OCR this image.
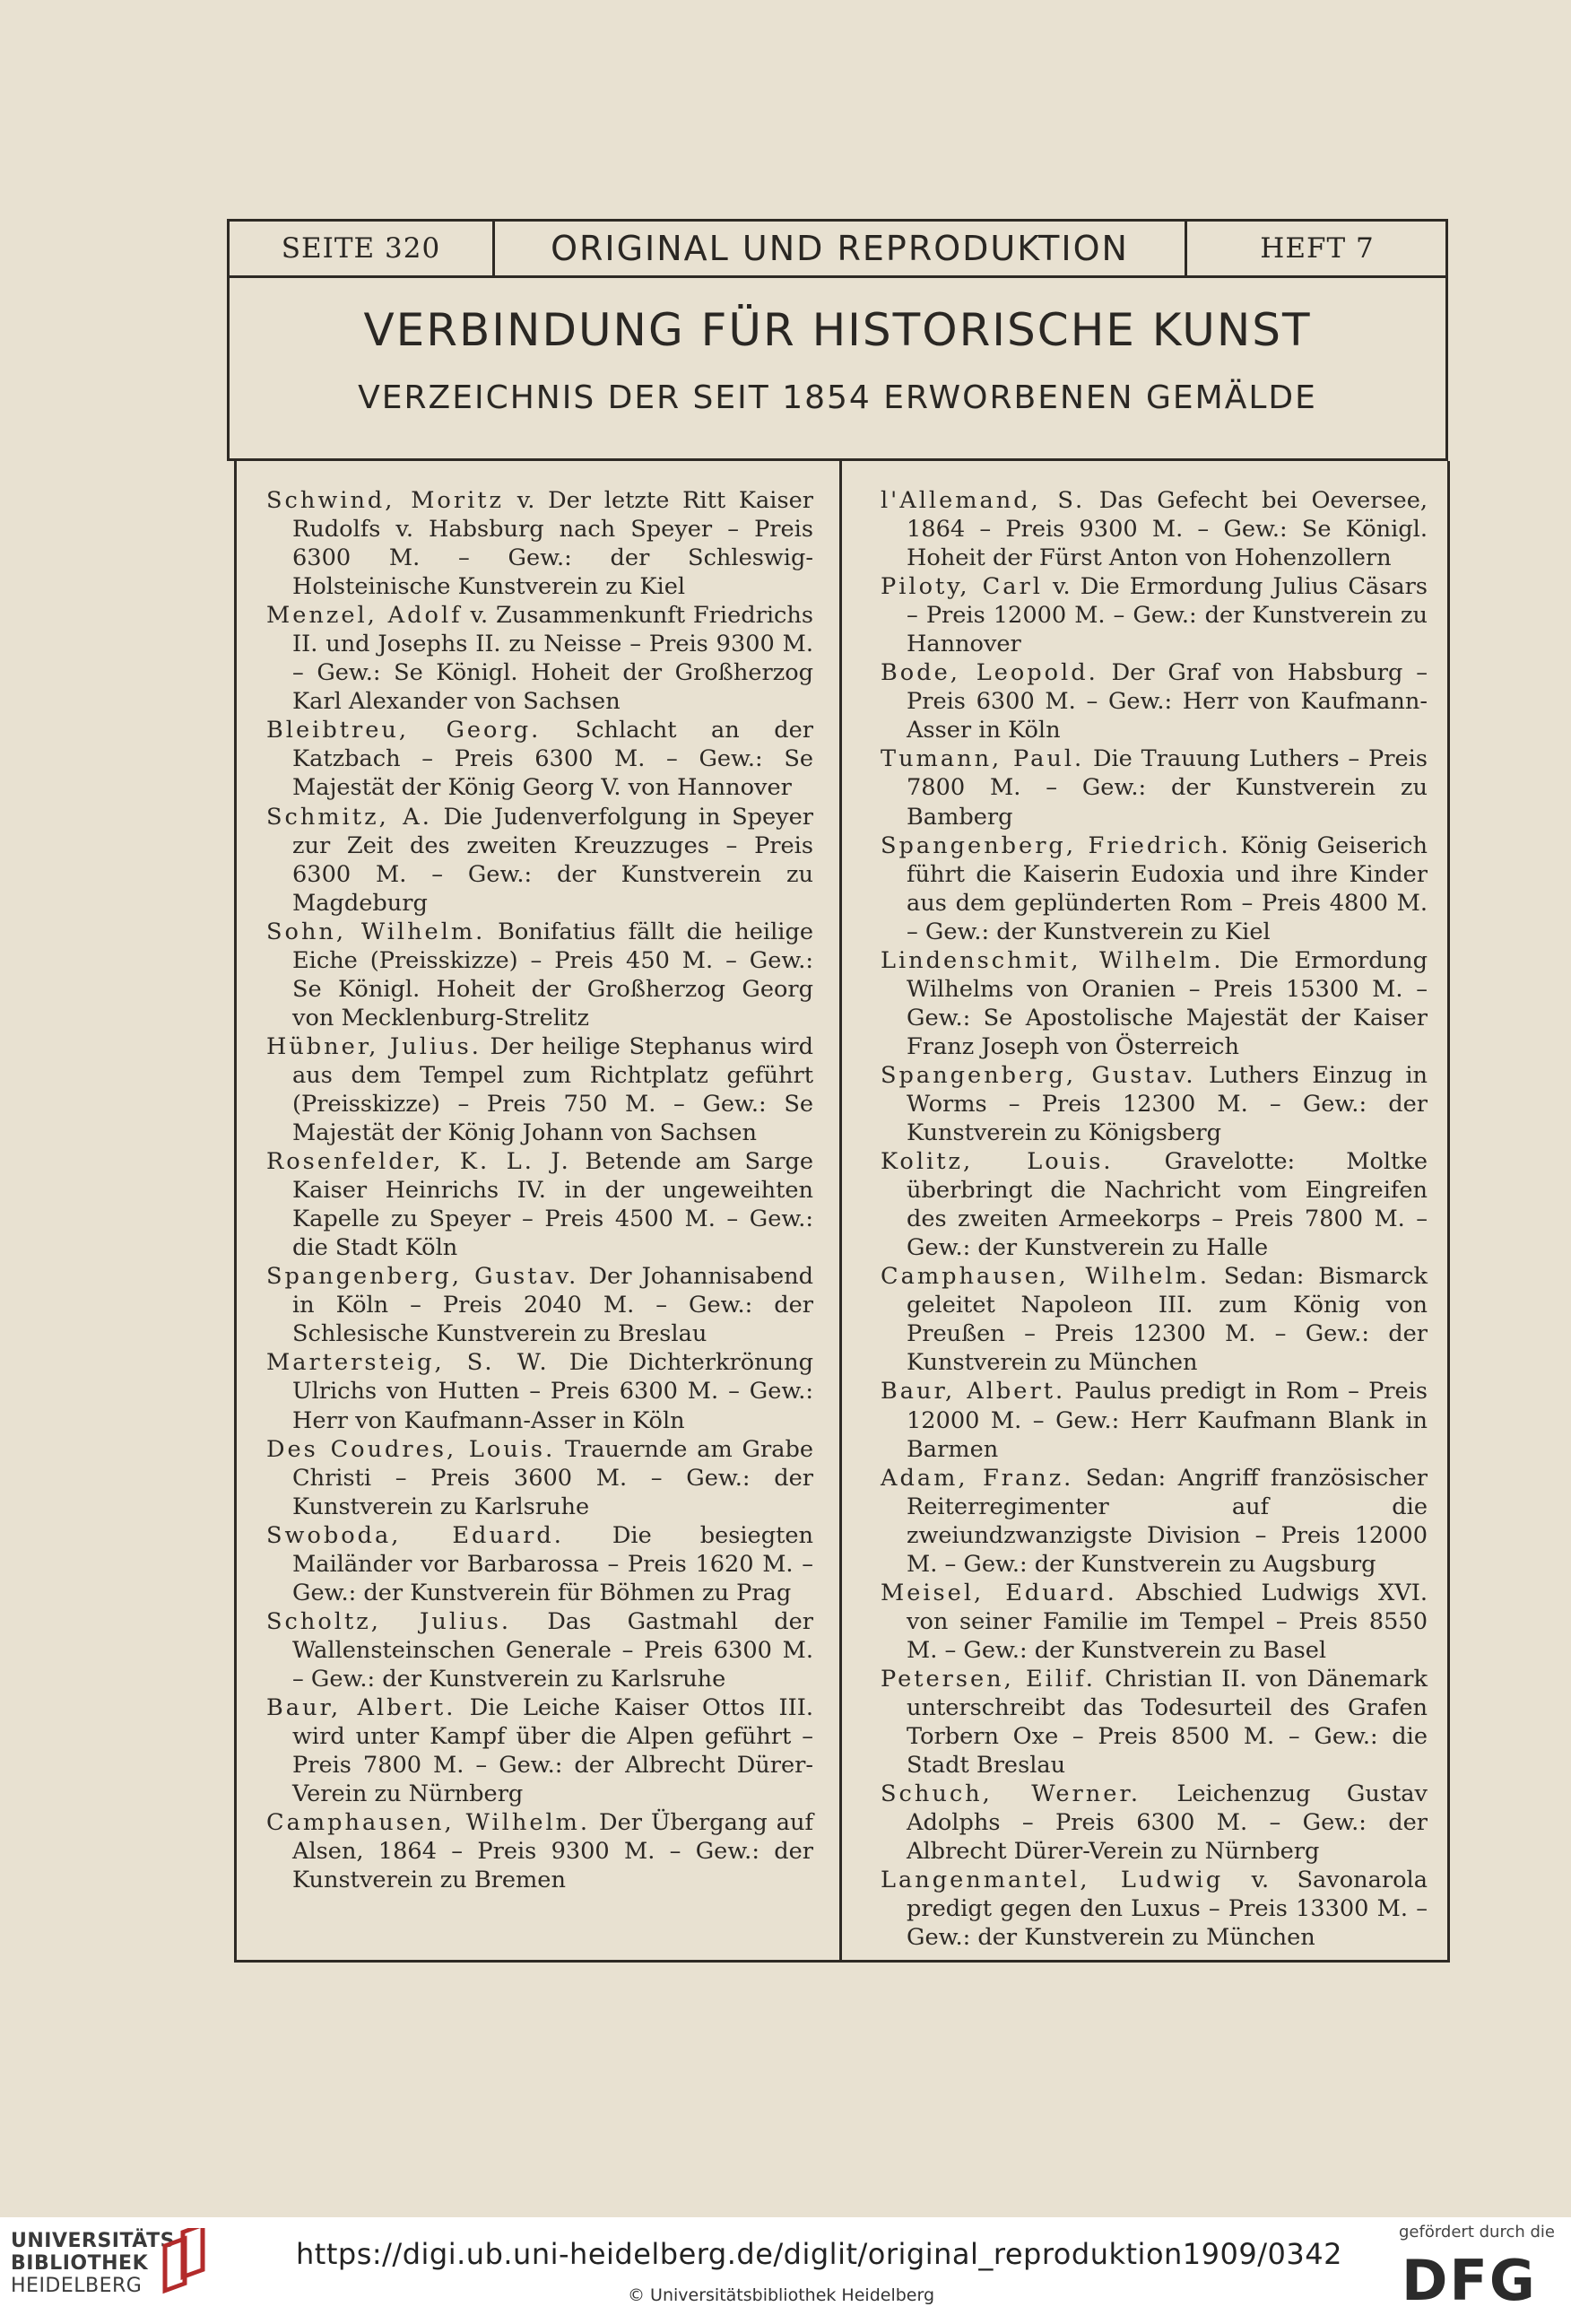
SEITE 320	ORIGINAL UND REPRODUKTION	HEFT 7
VERBINDUNG FÜR HISTORISCHE KUNST
VERZEICHNIS DER SEIT 1854 ERWORBENEN GEMÄLDE

Schwind, Moritz v. Der letzte Ritt Kaiser Rudolfs v. Habsburg nach Speyer – Preis 6300 M. – Gew.: der Schleswig-Holsteinische Kunstverein zu Kiel

Menzel, Adolf v. Zusammenkunft Friedrichs II. und Josephs II. zu Neisse – Preis 9300 M. – Gew.: Se Königl. Hoheit der Großherzog Karl Alexander von Sachsen

Bleibtreu, Georg. Schlacht an der Katzbach – Preis 6300 M. – Gew.: Se Majestät der König Georg V. von Hannover

Schmitz, A. Die Judenverfolgung in Speyer zur Zeit des zweiten Kreuzzuges – Preis 6300 M. – Gew.: der Kunstverein zu Magdeburg

Sohn, Wilhelm. Bonifatius fällt die heilige Eiche (Preisskizze) – Preis 450 M. – Gew.: Se Königl. Hoheit der Großherzog Georg von Mecklenburg-Strelitz

Hübner, Julius. Der heilige Stephanus wird aus dem Tempel zum Richtplatz geführt (Preisskizze) – Preis 750 M. – Gew.: Se Majestät der König Johann von Sachsen

Rosenfelder, K. L. J. Betende am Sarge Kaiser Heinrichs IV. in der ungeweihten Kapelle zu Speyer – Preis 4500 M. – Gew.: die Stadt Köln

Spangenberg, Gustav. Der Johannisabend in Köln – Preis 2040 M. – Gew.: der Schlesische Kunstverein zu Breslau

Martersteig, S. W. Die Dichterkrönung Ulrichs von Hutten – Preis 6300 M. – Gew.: Herr von Kaufmann-Asser in Köln

Des Coudres, Louis. Trauernde am Grabe Christi – Preis 3600 M. – Gew.: der Kunstverein zu Karlsruhe

Swoboda, Eduard. Die besiegten Mailänder vor Barbarossa – Preis 1620 M. – Gew.: der Kunstverein für Böhmen zu Prag

Scholtz, Julius. Das Gastmahl der Wallensteinschen Generale – Preis 6300 M. – Gew.: der Kunstverein zu Karlsruhe

Baur, Albert. Die Leiche Kaiser Ottos III. wird unter Kampf über die Alpen geführt – Preis 7800 M. – Gew.: der Albrecht Dürer-Verein zu Nürnberg

Camphausen, Wilhelm. Der Übergang auf Alsen, 1864 – Preis 9300 M. – Gew.: der Kunstverein zu Bremen

l'Allemand, S. Das Gefecht bei Oeversee, 1864 – Preis 9300 M. – Gew.: Se Königl. Hoheit der Fürst Anton von Hohenzollern

Piloty, Carl v. Die Ermordung Julius Cäsars – Preis 12000 M. – Gew.: der Kunstverein zu Hannover

Bode, Leopold. Der Graf von Habsburg – Preis 6300 M. – Gew.: Herr von Kaufmann-Asser in Köln

Tumann, Paul. Die Trauung Luthers – Preis 7800 M. – Gew.: der Kunstverein zu Bamberg

Spangenberg, Friedrich. König Geiserich führt die Kaiserin Eudoxia und ihre Kinder aus dem geplünderten Rom – Preis 4800 M. – Gew.: der Kunstverein zu Kiel

Lindenschmit, Wilhelm. Die Ermordung Wilhelms von Oranien – Preis 15300 M. – Gew.: Se Apostolische Majestät der Kaiser Franz Joseph von Österreich

Spangenberg, Gustav. Luthers Einzug in Worms – Preis 12300 M. – Gew.: der Kunstverein zu Königsberg

Kolitz, Louis. Gravelotte: Moltke überbringt die Nachricht vom Eingreifen des zweiten Armeekorps – Preis 7800 M. – Gew.: der Kunstverein zu Halle

Camphausen, Wilhelm. Sedan: Bismarck geleitet Napoleon III. zum König von Preußen – Preis 12300 M. – Gew.: der Kunstverein zu München

Baur, Albert. Paulus predigt in Rom – Preis 12000 M. – Gew.: Herr Kaufmann Blank in Barmen

Adam, Franz. Sedan: Angriff französischer Reiterregimenter auf die zweiundzwanzigste Division – Preis 12000 M. – Gew.: der Kunstverein zu Augsburg

Meisel, Eduard. Abschied Ludwigs XVI. von seiner Familie im Tempel – Preis 8550 M. – Gew.: der Kunstverein zu Basel

Petersen, Eilif. Christian II. von Dänemark unterschreibt das Todesurteil des Grafen Torbern Oxe – Preis 8500 M. – Gew.: die Stadt Breslau

Schuch, Werner. Leichenzug Gustav Adolphs – Preis 6300 M. – Gew.: der Albrecht Dürer-Verein zu Nürnberg

Langenmantel, Ludwig v. Savonarola predigt gegen den Luxus – Preis 13300 M. – Gew.: der Kunstverein zu München

UNIVERSITÄTS-
BIBLIOTHEK
HEIDELBERG
https://digi.ub.uni-heidelberg.de/diglit/original_reproduktion1909/0342
© Universitätsbibliothek Heidelberg
gefördert durch die
DFG
